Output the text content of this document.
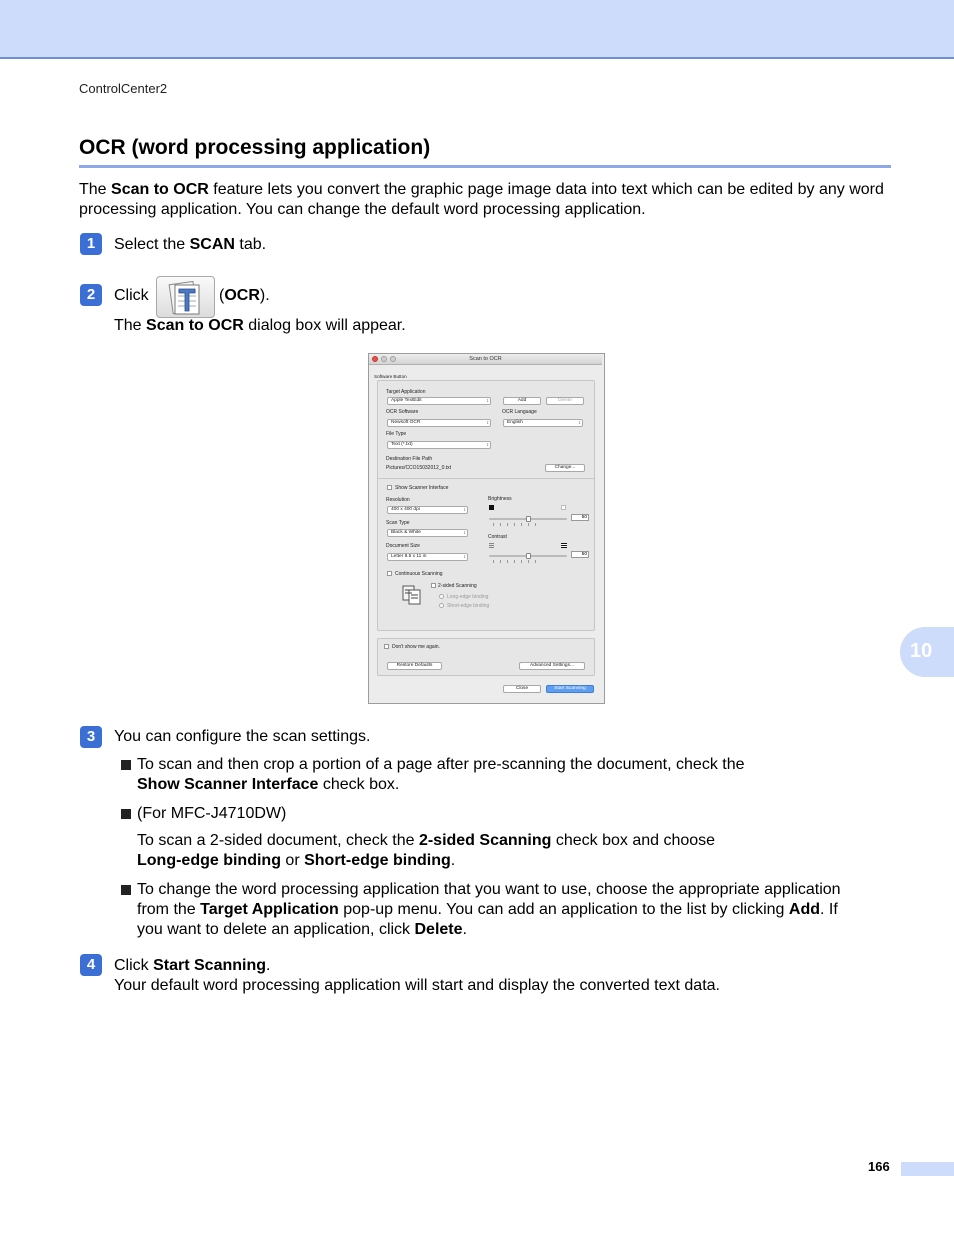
ControlCenter2
OCR (word processing application)
The Scan to OCR feature lets you convert the graphic page image data into text which can be edited by any word processing application. You can change the default word processing application.
1	Select the SCAN tab.
2	Click	(OCR).
The Scan to OCR dialog box will appear.
Scan to OCR
Software Button
Target Application
Apple TextEdit ↕	Add	Delete
OCR Software
Newsoft OCR ↕
OCR Language
English ↕
File Type
Text (*.txt) ↕
Destination File Path
Pictures/CCO15032012_0.txt	Change...
Show Scanner Interface
Resolution
400 x 400 dpi ↕
Scan Type
Black & White ↕
Document Size
Letter 8.5 x 11 in ↕
Brightness
50
Contrast
50
Continuous Scanning
2-sided Scanning
Long-edge binding
Short-edge binding
Don't show me again.
Restore Defaults	Advanced Settings...
Close	Start Scanning
3	You can configure the scan settings.
To scan and then crop a portion of a page after pre-scanning the document, check the
Show Scanner Interface check box.
(For MFC-J4710DW)
To scan a 2-sided document, check the 2-sided Scanning check box and choose
Long-edge binding or Short-edge binding.
To change the word processing application that you want to use, choose the appropriate application
from the Target Application pop-up menu. You can add an application to the list by clicking Add. If
you want to delete an application, click Delete.
4	Click Start Scanning.
Your default word processing application will start and display the converted text data.
10
166
